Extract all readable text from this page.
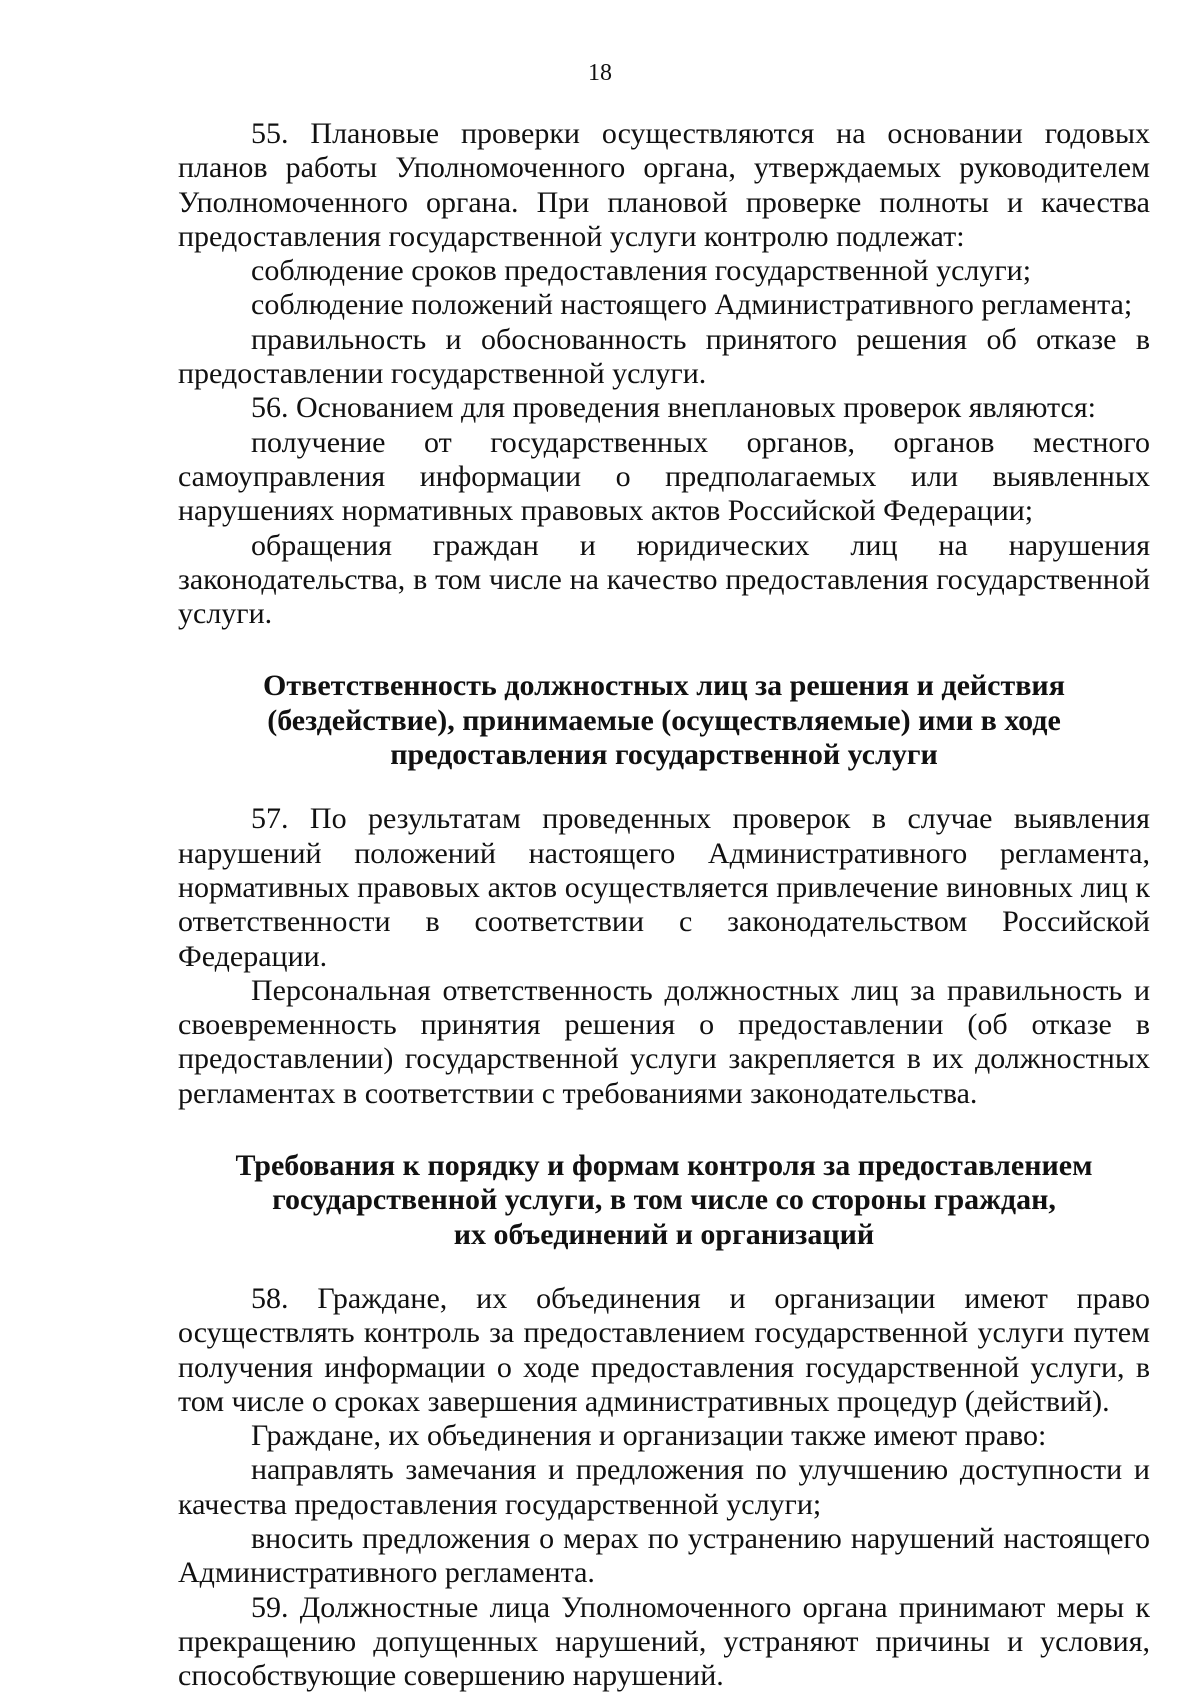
18

55. Плановые проверки осуществляются на основании годовых планов работы Уполномоченного органа, утверждаемых руководителем Уполномоченного органа. При плановой проверке полноты и качества предоставления государственной услуги контролю подлежат:

соблюдение сроков предоставления государственной услуги;

соблюдение положений настоящего Административного регламента;

правильность и обоснованность принятого решения об отказе в предоставлении государственной услуги.

56. Основанием для проведения внеплановых проверок являются:

получение от государственных органов, органов местного самоуправления информации о предполагаемых или выявленных нарушениях нормативных правовых актов Российской Федерации;

обращения граждан и юридических лиц на нарушения законодательства, в том числе на качество предоставления государственной услуги.

Ответственность должностных лиц за решения и действия
(бездействие), принимаемые (осуществляемые) ими в ходе
предоставления государственной услуги

57. По результатам проведенных проверок в случае выявления нарушений положений настоящего Административного регламента, нормативных правовых актов осуществляется привлечение виновных лиц к ответственности в соответствии с законодательством Российской Федерации.

Персональная ответственность должностных лиц за правильность и своевременность принятия решения о предоставлении (об отказе в предоставлении) государственной услуги закрепляется в их должностных регламентах в соответствии с требованиями законодательства.

Требования к порядку и формам контроля за предоставлением
государственной услуги, в том числе со стороны граждан,
их объединений и организаций

58. Граждане, их объединения и организации имеют право осуществлять контроль за предоставлением государственной услуги путем получения информации о ходе предоставления государственной услуги, в том числе о сроках завершения административных процедур (действий).

Граждане, их объединения и организации также имеют право:

направлять замечания и предложения по улучшению доступности и качества предоставления государственной услуги;

вносить предложения о мерах по устранению нарушений настоящего Административного регламента.

59. Должностные лица Уполномоченного органа принимают меры к прекращению допущенных нарушений, устраняют причины и условия, способствующие совершению нарушений.
